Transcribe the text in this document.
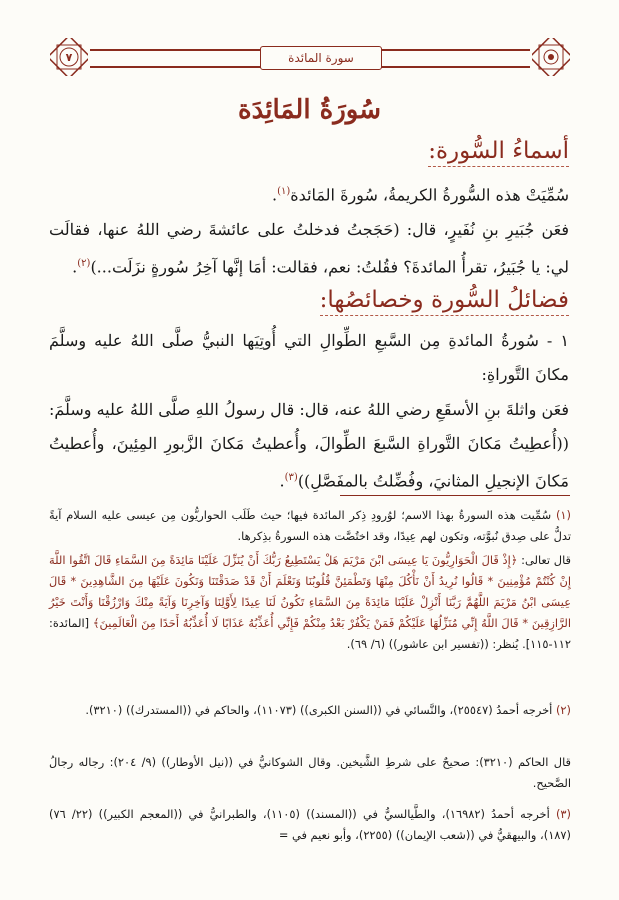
٧	سورة المائدة
سُورَةُ المَائِدَة
أسماءُ السُّورة:
سُمِّيَتْ هذه السُّورةُ الكريمةُ، سُورةَ المَائدة$^{(١)}$.
فعَن جُبَيرِ بنِ نُفَيرٍ، قال: (حَجَجتُ فدخلتُ على عائشةَ رضي اللهُ عنها، فقالَت لي: يا جُبَيرُ، تقرأُ المائدةَ؟ فقُلتُ: نعم، فقالت: أمَا إنَّها آخِرُ سُورةٍ نزَلَت...)$^{(٢)}$.
فضائلُ السُّورة وخصائصُها:
١ - سُورةُ المائدةِ مِن السَّبعِ الطِّوالِ التي أُوتِيَها النبيُّ صلَّى اللهُ عليه وسلَّمَ مكانَ التَّوراةِ:
فعَن واثلةَ بنِ الأسقَعِ رضي اللهُ عنه، قال: قال رسولُ اللهِ صلَّى اللهُ عليه وسلَّمَ: ((أُعطِيتُ مَكانَ التَّوراةِ السَّبعَ الطِّوالَ، وأُعطيتُ مَكانَ الزَّبورِ المِئِينَ، وأُعطيتُ مَكانَ الإنجيلِ المثانيَ، وفُضِّلتُ بالمفَصَّلِ))$^{(٣)}$.
(١) سُمِّيت هذه السورةُ بهذا الاسم؛ لوُرودِ ذِكر المائدة فيها؛ حيث طَلَب الحواريُّون مِن عيسى عليه السلام آيةً تدلُّ على صِدق نُبوَّته، وتكون لهم عِيدًا، وقد اختُصَّت هذه السورةُ بذِكرها.
قال تعالى: ﴿إِذْ قَالَ الْحَوَارِيُّونَ يَا عِيسَى ابْنَ مَرْيَمَ هَلْ يَسْتَطِيعُ رَبُّكَ أَنْ يُنَزِّلَ عَلَيْنَا مَائِدَةً مِنَ السَّمَاءِ قَالَ اتَّقُوا اللَّهَ إِنْ كُنْتُمْ مُؤْمِنِينَ * قَالُوا نُرِيدُ أَنْ نَأْكُلَ مِنْهَا وَتَطْمَئِنَّ قُلُوبُنَا وَنَعْلَمَ أَنْ قَدْ صَدَقْتَنَا وَنَكُونَ عَلَيْهَا مِنَ الشَّاهِدِينَ * قَالَ عِيسَى ابْنُ مَرْيَمَ اللَّهُمَّ رَبَّنَا أَنْزِلْ عَلَيْنَا مَائِدَةً مِنَ السَّمَاءِ تَكُونُ لَنَا عِيدًا لِأَوَّلِنَا وَآخِرِنَا وَآيَةً مِنْكَ وَارْزُقْنَا وَأَنْتَ خَيْرُ الرَّازِقِينَ * قَالَ اللَّهُ إِنِّي مُنَزِّلُهَا عَلَيْكُمْ فَمَنْ يَكْفُرْ بَعْدُ مِنْكُمْ فَإِنِّي أُعَذِّبُهُ عَذَابًا لَا أُعَذِّبُهُ أَحَدًا مِنَ الْعَالَمِينَ﴾ [المائدة: ١١٢-١١٥]. يُنظر: ((تفسير ابن عاشور)) (٦/ ٦٩).
(٢) أخرجه أحمدُ (٢٥٥٤٧)، والنَّسائي في ((السنن الكبرى)) (١١٠٧٣)، والحاكم في ((المستدرك)) (٣٢١٠).
قال الحاكم (٣٢١٠): صحيحٌ على شرطِ الشَّيخين. وقال الشوكانيُّ في ((نيل الأوطار)) (٩/ ٢٠٤): رجاله رجالُ الصَّحيح.
(٣) أخرجه أحمدُ (١٦٩٨٢)، والطَّيالسيُّ في ((المسند)) (١١٠٥)، والطبرانيُّ في ((المعجم الكبير)) (٢٢/ ٧٦) (١٨٧)، والبيهقيُّ في ((شعب الإيمان)) (٢٢٥٥)، وأبو نعيم في =
